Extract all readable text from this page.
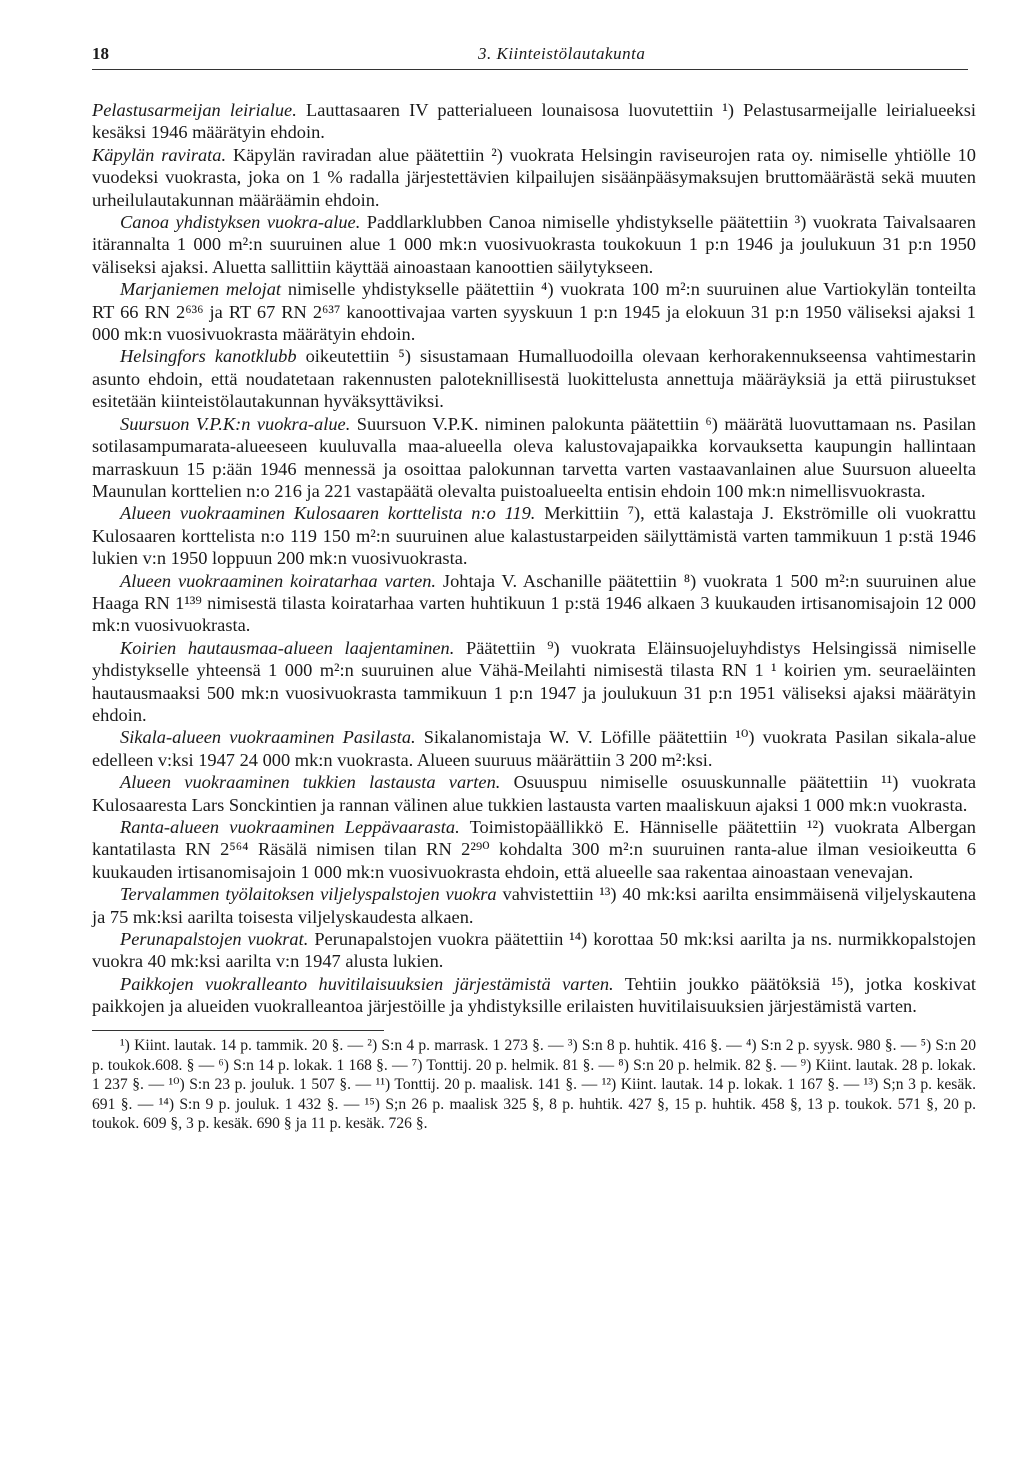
18	3. Kiinteistölautakunta

Pelastusarmeijan leirialue. Lauttasaaren IV patterialueen lounaisosa luovutettiin ¹) Pelastusarmeijalle leirialueeksi kesäksi 1946 määrätyin ehdoin.

Käpylän ravirata. Käpylän raviradan alue päätettiin ²) vuokrata Helsingin raviseurojen rata oy. nimiselle yhtiölle 10 vuodeksi vuokrasta, joka on 1 % radalla järjestettävien kilpailujen sisäänpääsymaksujen bruttomäärästä sekä muuten urheilulautakunnan määräämin ehdoin.

Canoa yhdistyksen vuokra-alue. Paddlarklubben Canoa nimiselle yhdistykselle päätettiin ³) vuokrata Taivalsaaren itärannalta 1 000 m²:n suuruinen alue 1 000 mk:n vuosivuokrasta toukokuun 1 p:n 1946 ja joulukuun 31 p:n 1950 väliseksi ajaksi. Aluetta sallittiin käyttää ainoastaan kanoottien säilytykseen.

Marjaniemen melojat nimiselle yhdistykselle päätettiin ⁴) vuokrata 100 m²:n suuruinen alue Vartiokylän tonteilta RT 66 RN 2⁶³⁶ ja RT 67 RN 2⁶³⁷ kanoottivajaa varten syyskuun 1 p:n 1945 ja elokuun 31 p:n 1950 väliseksi ajaksi 1 000 mk:n vuosivuokrasta määrätyin ehdoin.

Helsingfors kanotklubb oikeutettiin ⁵) sisustamaan Humalluodoilla olevaan kerhorakennukseensa vahtimestarin asunto ehdoin, että noudatetaan rakennusten paloteknillisestä luokittelusta annettuja määräyksiä ja että piirustukset esitetään kiinteistölautakunnan hyväksyttäviksi.

Suursuon V.P.K:n vuokra-alue. Suursuon V.P.K. niminen palokunta päätettiin ⁶) määrätä luovuttamaan ns. Pasilan sotilasampumarata-alueeseen kuuluvalla maa-alueella oleva kalustovajapaikka korvauksetta kaupungin hallintaan marraskuun 15 p:ään 1946 mennessä ja osoittaa palokunnan tarvetta varten vastaavanlainen alue Suursuon alueelta Maunulan korttelien n:o 216 ja 221 vastapäätä olevalta puistoalueelta entisin ehdoin 100 mk:n nimellisvuokrasta.

Alueen vuokraaminen Kulosaaren korttelista n:o 119. Merkittiin ⁷), että kalastaja J. Ekströmille oli vuokrattu Kulosaaren korttelista n:o 119 150 m²:n suuruinen alue kalastustarpeiden säilyttämistä varten tammikuun 1 p:stä 1946 lukien v:n 1950 loppuun 200 mk:n vuosivuokrasta.

Alueen vuokraaminen koiratarhaa varten. Johtaja V. Aschanille päätettiin ⁸) vuokrata 1 500 m²:n suuruinen alue Haaga RN 1¹³⁹ nimisestä tilasta koiratarhaa varten huhtikuun 1 p:stä 1946 alkaen 3 kuukauden irtisanomisajoin 12 000 mk:n vuosivuokrasta.

Koirien hautausmaa-alueen laajentaminen. Päätettiin ⁹) vuokrata Eläinsuojeluyhdistys Helsingissä nimiselle yhdistykselle yhteensä 1 000 m²:n suuruinen alue Vähä-Meilahti nimisestä tilasta RN 1 ¹ koirien ym. seuraeläinten hautausmaaksi 500 mk:n vuosivuokrasta tammikuun 1 p:n 1947 ja joulukuun 31 p:n 1951 väliseksi ajaksi määrätyin ehdoin.

Sikala-alueen vuokraaminen Pasilasta. Sikalanomistaja W. V. Löfille päätettiin ¹⁰) vuokrata Pasilan sikala-alue edelleen v:ksi 1947 24 000 mk:n vuokrasta. Alueen suuruus määrättiin 3 200 m²:ksi.

Alueen vuokraaminen tukkien lastausta varten. Osuuspuu nimiselle osuuskunnalle päätettiin ¹¹) vuokrata Kulosaaresta Lars Sonckintien ja rannan välinen alue tukkien lastausta varten maaliskuun ajaksi 1 000 mk:n vuokrasta.

Ranta-alueen vuokraaminen Leppävaarasta. Toimistopäällikkö E. Hänniselle päätettiin ¹²) vuokrata Albergan kantatilasta RN 2⁵⁶⁴ Räsälä nimisen tilan RN 2²⁹⁰ kohdalta 300 m²:n suuruinen ranta-alue ilman vesioikeutta 6 kuukauden irtisanomisajoin 1 000 mk:n vuosivuokrasta ehdoin, että alueelle saa rakentaa ainoastaan venevajan.

Tervalammen työlaitoksen viljelyspalstojen vuokra vahvistettiin ¹³) 40 mk:ksi aarilta ensimmäisenä viljelyskautena ja 75 mk:ksi aarilta toisesta viljelyskaudesta alkaen.

Perunapalstojen vuokrat. Perunapalstojen vuokra päätettiin ¹⁴) korottaa 50 mk:ksi aarilta ja ns. nurmikkopalstojen vuokra 40 mk:ksi aarilta v:n 1947 alusta lukien.

Paikkojen vuokralleanto huvitilaisuuksien järjestämistä varten. Tehtiin joukko päätöksiä ¹⁵), jotka koskivat paikkojen ja alueiden vuokralleantoa järjestöille ja yhdistyksille erilaisten huvitilaisuuksien järjestämistä varten.

¹) Kiint. lautak. 14 p. tammik. 20 §. — ²) S:n 4 p. marrask. 1 273 §. — ³) S:n 8 p. huhtik. 416 §. — ⁴) S:n 2 p. syysk. 980 §. — ⁵) S:n 20 p. toukok.608. § — ⁶) S:n 14 p. lokak. 1 168 §. — ⁷) Tonttij. 20 p. helmik. 81 §. — ⁸) S:n 20 p. helmik. 82 §. — ⁹) Kiint. lautak. 28 p. lokak. 1 237 §. — ¹⁰) S:n 23 p. jouluk. 1 507 §. — ¹¹) Tonttij. 20 p. maalisk. 141 §. — ¹²) Kiint. lautak. 14 p. lokak. 1 167 §. — ¹³) S;n 3 p. kesäk. 691 §. — ¹⁴) S:n 9 p. jouluk. 1 432 §. — ¹⁵) S;n 26 p. maalisk 325 §, 8 p. huhtik. 427 §, 15 p. huhtik. 458 §, 13 p. toukok. 571 §, 20 p. toukok. 609 §, 3 p. kesäk. 690 § ja 11 p. kesäk. 726 §.
